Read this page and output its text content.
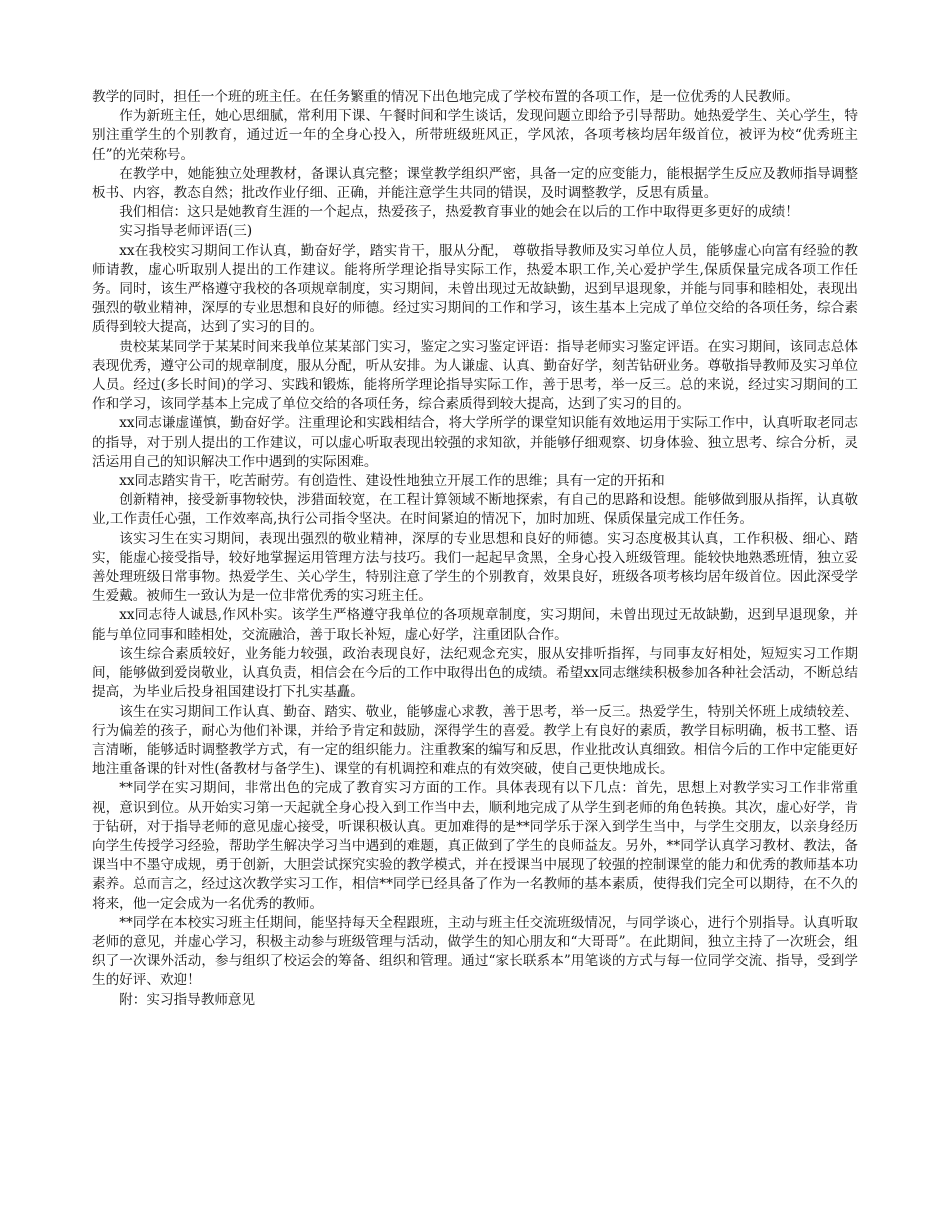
教学的同时，担任一个班的班主任。在任务繁重的情况下出色地完成了学校布置的各项工作，是一位优秀的人民教师。

作为新班主任，她心思细腻，常利用下课、午餐时间和学生谈话，发现问题立即给予引导帮助。她热爱学生、关心学生，特别注重学生的个别教育，通过近一年的全身心投入，所带班级班风正，学风浓，各项考核均居年级首位，被评为校“优秀班主任”的光荣称号。

在教学中，她能独立处理教材，备课认真完整；课堂教学组织严密，具备一定的应变能力，能根据学生反应及教师指导调整板书、内容，教态自然；批改作业仔细、正确，并能注意学生共同的错误，及时调整教学，反思有质量。

我们相信：这只是她教育生涯的一个起点，热爱孩子，热爱教育事业的她会在以后的工作中取得更多更好的成绩！

实习指导老师评语(三)

xx在我校实习期间工作认真，勤奋好学，踏实肯干，服从分配， 尊敬指导教师及实习单位人员，能够虚心向富有经验的教师请教，虚心听取别人提出的工作建议。能将所学理论指导实际工作，热爱本职工作,关心爱护学生,保质保量完成各项工作任务。同时，该生严格遵守我校的各项规章制度，实习期间，未曾出现过无故缺勤，迟到早退现象，并能与同事和睦相处，表现出强烈的敬业精神，深厚的专业思想和良好的师德。经过实习期间的工作和学习，该生基本上完成了单位交给的各项任务，综合素质得到较大提高，达到了实习的目的。

贵校某某同学于某某时间来我单位某某部门实习，鉴定之实习鉴定评语：指导老师实习鉴定评语。在实习期间，该同志总体表现优秀，遵守公司的规章制度，服从分配，听从安排。为人谦虚、认真、勤奋好学，刻苦钻研业务。尊敬指导教师及实习单位人员。经过(多长时间)的学习、实践和锻炼，能将所学理论指导实际工作，善于思考，举一反三。总的来说，经过实习期间的工作和学习，该同学基本上完成了单位交给的各项任务，综合素质得到较大提高，达到了实习的目的。

xx同志谦虚谨慎，勤奋好学。注重理论和实践相结合，将大学所学的课堂知识能有效地运用于实际工作中，认真听取老同志的指导，对于别人提出的工作建议，可以虚心听取表现出较强的求知欲，并能够仔细观察、切身体验、独立思考、综合分析，灵活运用自己的知识解决工作中遇到的实际困难。

xx同志踏实肯干，吃苦耐劳。有创造性、建设性地独立开展工作的思维；具有一定的开拓和

创新精神，接受新事物较快，涉猎面较宽，在工程计算领域不断地探索，有自己的思路和设想。能够做到服从指挥，认真敬业,工作责任心强，工作效率高,执行公司指令坚决。在时间紧迫的情况下，加时加班、保质保量完成工作任务。

该实习生在实习期间，表现出强烈的敬业精神，深厚的专业思想和良好的师德。实习态度极其认真，工作积极、细心、踏实，能虚心接受指导，较好地掌握运用管理方法与技巧。我们一起起早贪黑，全身心投入班级管理。能较快地熟悉班情，独立妥善处理班级日常事物。热爱学生、关心学生，特别注意了学生的个别教育，效果良好，班级各项考核均居年级首位。因此深受学生爱戴。被师生一致认为是一位非常优秀的实习班主任。

xx同志待人诚恳,作风朴实。该学生严格遵守我单位的各项规章制度，实习期间，未曾出现过无故缺勤，迟到早退现象，并能与单位同事和睦相处，交流融洽，善于取长补短，虚心好学，注重团队合作。

该生综合素质较好，业务能力较强，政治表现良好，法纪观念充实，服从安排听指挥，与同事友好相处，短短实习工作期间，能够做到爱岗敬业，认真负责，相信会在今后的工作中取得出色的成绩。希望xx同志继续积极参加各种社会活动，不断总结提高，为毕业后投身祖国建设打下扎实基矗。

该生在实习期间工作认真、勤奋、踏实、敬业，能够虚心求教，善于思考，举一反三。热爱学生，特别关怀班上成绩较差、行为偏差的孩子，耐心为他们补课，并给予肯定和鼓励，深得学生的喜爱。教学上有良好的素质，教学目标明确，板书工整、语言清晰，能够适时调整教学方式，有一定的组织能力。注重教案的编写和反思，作业批改认真细致。相信今后的工作中定能更好地注重备课的针对性(备教材与备学生)、课堂的有机调控和难点的有效突破，使自己更快地成长。

**同学在实习期间，非常出色的完成了教育实习方面的工作。具体表现有以下几点：首先，思想上对教学实习工作非常重视，意识到位。从开始实习第一天起就全身心投入到工作当中去，顺利地完成了从学生到老师的角色转换。其次，虚心好学，肯于钻研，对于指导老师的意见虚心接受，听课积极认真。更加难得的是**同学乐于深入到学生当中，与学生交朋友，以亲身经历向学生传授学习经验，帮助学生解决学习当中遇到的难题，真正做到了学生的良师益友。另外，**同学认真学习教材、教法，备课当中不墨守成规，勇于创新，大胆尝试探究实验的教学模式，并在授课当中展现了较强的控制课堂的能力和优秀的教师基本功素养。总而言之，经过这次教学实习工作，相信**同学已经具备了作为一名教师的基本素质，使得我们完全可以期待，在不久的将来，他一定会成为一名优秀的教师。

**同学在本校实习班主任期间，能坚持每天全程跟班，主动与班主任交流班级情况，与同学谈心，进行个别指导。认真听取老师的意见，并虚心学习，积极主动参与班级管理与活动，做学生的知心朋友和“大哥哥”。在此期间，独立主持了一次班会，组织了一次课外活动，参与组织了校运会的筹备、组织和管理。通过“家长联系本”用笔谈的方式与每一位同学交流、指导，受到学生的好评、欢迎！

附：实习指导教师意见
